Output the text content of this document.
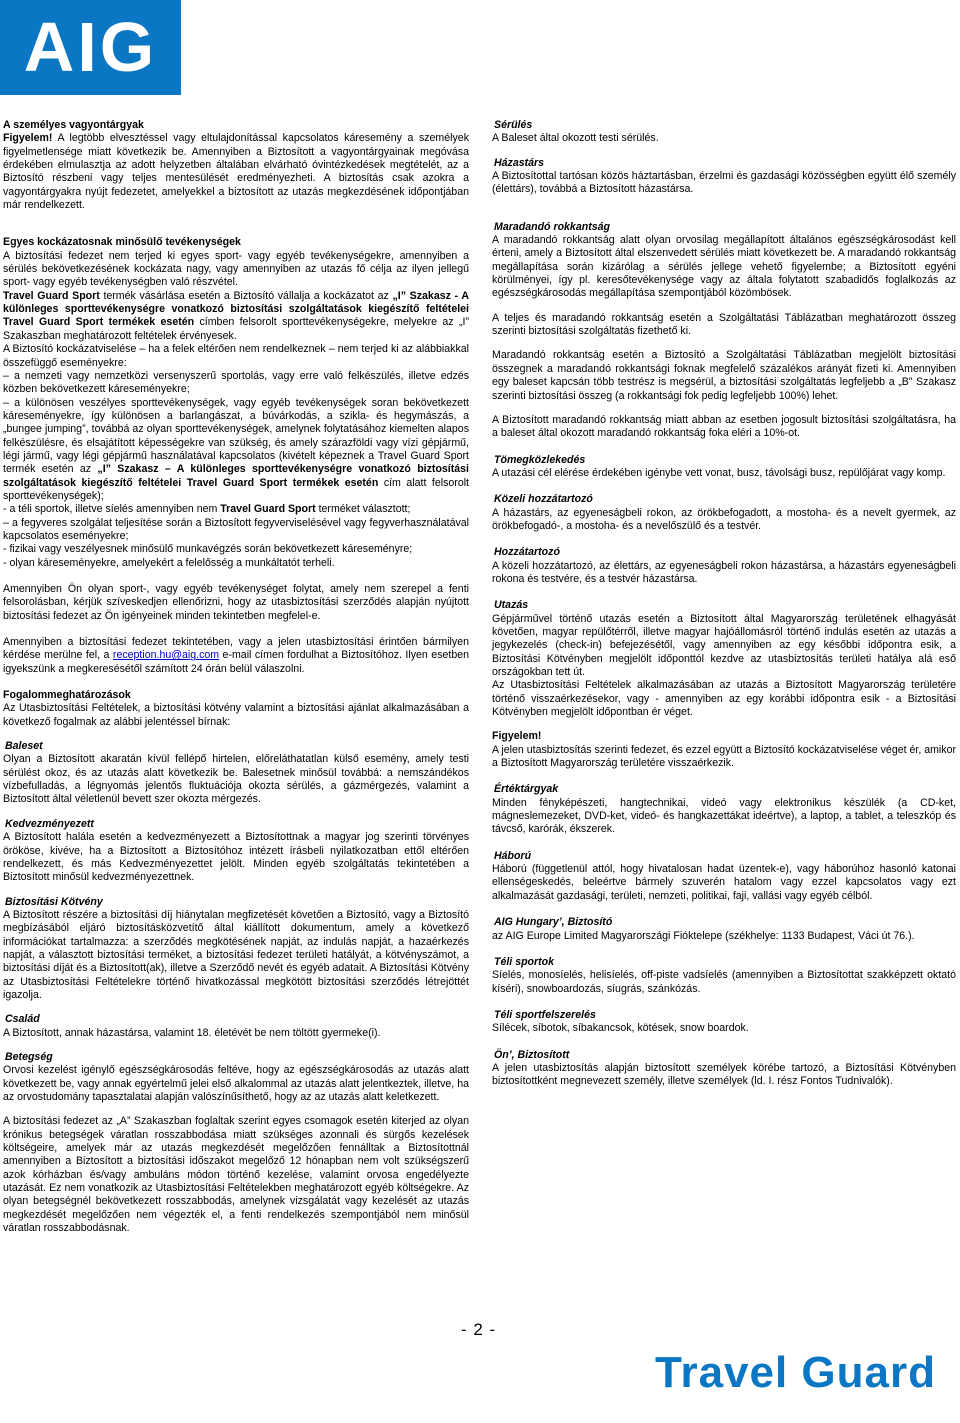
AIG

A személyes vagyontárgyak

Figyelem! A legtöbb elvesztéssel vagy eltulajdonítással kapcsolatos káresemény a személyek figyelmetlensége miatt következik be. Amennyiben a Biztosított a vagyontárgyainak megóvása érdekében elmulasztja az adott helyzetben általában elvárható óvintézkedések megtételét, az a Biztosító részbeni vagy teljes mentesülését eredményezheti. A biztosítás csak azokra a vagyontárgyakra nyújt fedezetet, amelyekkel a biztosított az utazás megkezdésének időpontjában már rendelkezett.

Egyes kockázatosnak minősülő tevékenységek

A biztosítási fedezet nem terjed ki egyes sport- vagy egyéb tevékenységekre, amennyiben a sérülés bekövetkezésének kockázata nagy, vagy amennyiben az utazás fő célja az ilyen jellegű sport- vagy egyéb tevékenységben való részvétel.

Travel Guard Sport termék vásárlása esetén a Biztosító vállalja a kockázatot az „I” Szakasz - A különleges sporttevékenységre vonatkozó biztosítási szolgáltatások kiegészítő feltételei Travel Guard Sport termékek esetén címben felsorolt sporttevékenységekre, melyekre az „I” Szakaszban meghatározott feltételek érvényesek.

A Biztosító kockázatviselése – ha a felek eltérően nem rendelkeznek – nem terjed ki az alábbiakkal összefüggő eseményekre:

– a nemzeti vagy nemzetközi versenyszerű sportolás, vagy erre való felkészülés, illetve edzés közben bekövetkezett káreseményekre;

– a különösen veszélyes sporttevékenységek, vagy egyéb tevékenységek soran bekövetkezett káreseményekre, így különösen a barlangászat, a búvárkodás, a szikla- és hegymászás, a „bungee jumping”, továbbá az olyan sporttevékenységek, amelynek folytatásához kiemelten alapos felkészülésre, és elsajátított képességekre van szükség, és amely szárazföldi vagy vízi gépjármű, légi jármű, vagy légi gépjármű használatával kapcsolatos (kivételt képeznek a Travel Guard Sport termék esetén az „I” Szakasz – A különleges sporttevékenységre vonatkozó biztosítási szolgáltatások kiegészítő feltételei Travel Guard Sport termékek esetén cím alatt felsorolt sporttevékenységek);

- a téli sportok, illetve síelés amennyiben nem Travel Guard Sport terméket választott;

– a fegyveres szolgálat teljesítése során a Biztosított fegyverviselésével vagy fegyverhasználatával kapcsolatos eseményekre;

- fizikai vagy veszélyesnek minősülő munkavégzés során bekövetkezett káreseményre;

- olyan káreseményekre, amelyekért a felelősség a munkáltatót terheli.

Amennyiben Ön olyan sport-, vagy egyéb tevékenységet folytat, amely nem szerepel a fenti felsorolásban, kérjük szíveskedjen ellenőrizni, hogy az utasbiztosítási szerződés alapján nyújtott biztosítási fedezet az Ön igényeinek minden tekintetben megfelel-e.

Amennyiben a biztosítási fedezet tekintetében, vagy a jelen utasbiztosítási érintően bármilyen kérdése merülne fel, a reception.hu@aig.com e-mail címen fordulhat a Biztosítóhoz. Ilyen esetben igyekszünk a megkeresésétől számított 24 órán belül válaszolni.

Fogalommeghatározások

Az Utasbiztosítási Feltételek, a biztosítási kötvény valamint a biztosítási ajánlat alkalmazásában a következő fogalmak az alábbi jelentéssel bírnak:

Baleset

Olyan a Biztosított akaratán kívül fellépő hirtelen, előreláthatatlan külső esemény, amely testi sérülést okoz, és az utazás alatt következik be. Balesetnek minősül továbbá: a nemszándékos vízbefulladás, a légnyomás jelentős fluktuációja okozta sérülés, a gázmérgezés, valamint a Biztosított által véletlenül bevett szer okozta mérgezés.

Kedvezményezett

A Biztosított halála esetén a kedvezményezett a Biztosítottnak a magyar jog szerinti törvényes örököse, kivéve, ha a Biztosított a Biztosítóhoz intézett írásbeli nyilatkozatban ettől eltérően rendelkezett, és más Kedvezményezettet jelölt. Minden egyéb szolgáltatás tekintetében a Biztosított minősül kedvezményezettnek.

Biztosítási Kötvény

A Biztosított részére a biztosítási díj hiánytalan megfizetését követően a Biztosító, vagy a Biztosító megbízásából eljáró biztosításközvetítő által kiállított dokumentum, amely a következő információkat tartalmazza: a szerződés megkötésének napját, az indulás napját, a hazaérkezés napját, a választott biztosítási terméket, a biztosítási fedezet területi hatályát, a kötvényszámot, a biztosítási díját és a Biztosított(ak), illetve a Szerződő nevét és egyéb adatait. A Biztosítási Kötvény az Utasbiztosítási Feltételekre történő hivatkozással megkötött biztosítási szerződés létrejöttét igazolja.

Család

A Biztosított, annak házastársa, valamint 18. életévét be nem töltött gyermeke(i).

Betegség

Orvosi kezelést igénylő egészségkárosodás feltéve, hogy az egészségkárosodás az utazás alatt következett be, vagy annak egyértelmű jelei első alkalommal az utazás alatt jelentkeztek, illetve, ha az orvostudomány tapasztalatai alapján valószínűsíthető, hogy az az utazás alatt keletkezett.

A biztosítási fedezet az „A” Szakaszban foglaltak szerint egyes csomagok esetén kiterjed az olyan krónikus betegségek váratlan rosszabbodása miatt szükséges azonnali és sürgős kezelések költségeire, amelyek már az utazás megkezdését megelőzően fennálltak a Biztosítottnál amennyiben a Biztosított a biztosítási időszakot megelőző 12 hónapban nem volt szükségszerű azok kórházban és/vagy ambuláns módon történő kezelése, valamint orvosa engedélyezte utazását. Ez nem vonatkozik az Utasbiztosítási Feltételekben meghatározott egyéb költségekre. Az olyan betegségnél bekövetkezett rosszabbodás, amelynek vizsgálatát vagy kezelését az utazás megkezdését megelőzően nem végezték el, a fenti rendelkezés szempontjából nem minősül váratlan rosszabbodásnak.

Sérülés

A Baleset által okozott testi sérülés.

Házastárs

A Biztosítottal tartósan közös háztartásban, érzelmi és gazdasági közösségben együtt élő személy (élettárs), továbbá a Biztosított házastársa.

Maradandó rokkantság

A maradandó rokkantság alatt olyan orvosilag megállapított általános egészségkárosodást kell érteni, amely a Biztosított által elszenvedett sérülés miatt következett be. A maradandó rokkantság megállapítása során kizárólag a sérülés jellege vehető figyelembe; a Biztosított egyéni körülményei, így pl. keresőtevékenysége vagy az általa folytatott szabadidős foglalkozás az egészségkárosodás megállapítása szempontjából közömbösek.

A teljes és maradandó rokkantság esetén a Szolgáltatási Táblázatban meghatározott összeg szerinti biztosítási szolgáltatás fizethető ki.

Maradandó rokkantság esetén a Biztosító a Szolgáltatási Táblázatban megjelölt biztosítási összegnek a maradandó rokkantsági foknak megfelelő százalékos arányát fizeti ki. Amennyiben egy baleset kapcsán több testrész is megsérül, a biztosítási szolgáltatás legfeljebb a „B” Szakasz szerinti biztosítási összeg (a rokkantsági fok pedig legfeljebb 100%) lehet.

A Biztosított maradandó rokkantság miatt abban az esetben jogosult biztosítási szolgáltatásra, ha a baleset által okozott maradandó rokkantság foka eléri a 10%-ot.

Tömegközlekedés

A utazási cél elérése érdekében igénybe vett vonat, busz, távolsági busz, repülőjárat vagy komp.

Közeli hozzátartozó

A házastárs, az egyeneságbeli rokon, az örökbefogadott, a mostoha- és a nevelt gyermek, az örökbefogadó-, a mostoha- és a nevelőszülő és a testvér.

Hozzátartozó

A közeli hozzátartozó, az élettárs, az egyeneságbeli rokon házastársa, a házastárs egyeneságbeli rokona és testvére, és a testvér házastársa.

Utazás

Gépjárművel történő utazás esetén a Biztosított által Magyarország területének elhagyását követően, magyar repülőtérről, illetve magyar hajóállomásról történő indulás esetén az utazás a jegykezelés (check-in) befejezésétől, vagy amennyiben az egy későbbi időpontra esik, a Biztosítási Kötvényben megjelölt időponttól kezdve az utasbiztosítás területi hatálya alá eső országokban tett út.

Az Utasbiztosítási Feltételek alkalmazásában az utazás a Biztosított Magyarország területére történő visszaérkezésekor, vagy - amennyiben az egy korábbi időpontra esik - a Biztosítási Kötvényben megjelölt időpontban ér véget.

Figyelem!

A jelen utasbiztosítás szerinti fedezet, és ezzel együtt a Biztosító kockázatviselése véget ér, amikor a Biztosított Magyarország területére visszaérkezik.

Értéktárgyak

Minden fényképészeti, hangtechnikai, videó vagy elektronikus készülék (a CD-ket, mágneslemezeket, DVD-ket, videó- és hangkazettákat ideértve), a laptop, a tablet, a teleszkóp és távcső, karórák, ékszerek.

Háború

Háború (függetlenül attól, hogy hivatalosan hadat üzentek-e), vagy háborúhoz hasonló katonai ellenségeskedés, beleértve bármely szuverén hatalom vagy ezzel kapcsolatos vagy ezt alkalmazását gazdasági, területi, nemzeti, politikai, faji, vallási vagy egyéb célból.

AIG Hungary’, Biztosító

az AIG Europe Limited Magyarországi Fióktelepe (székhelye: 1133 Budapest, Váci út 76.).

Téli sportok

Síelés, monosíelés, helisíelés, off-piste vadsíelés (amennyiben a Biztosítottat szakképzett oktató kíséri), snowboardozás, síugrás, szánkózás.

Téli sportfelszerelés

Sílécek, síbotok, síbakancsok, kötések, snow boardok.

Ön’, Biztosított

A jelen utasbiztosítás alapján biztosított személyek körébe tartozó, a Biztosítási Kötvényben biztosítottként megnevezett személy, illetve személyek (ld. I. rész Fontos Tudnivalók).

- 2 -
Travel Guard
